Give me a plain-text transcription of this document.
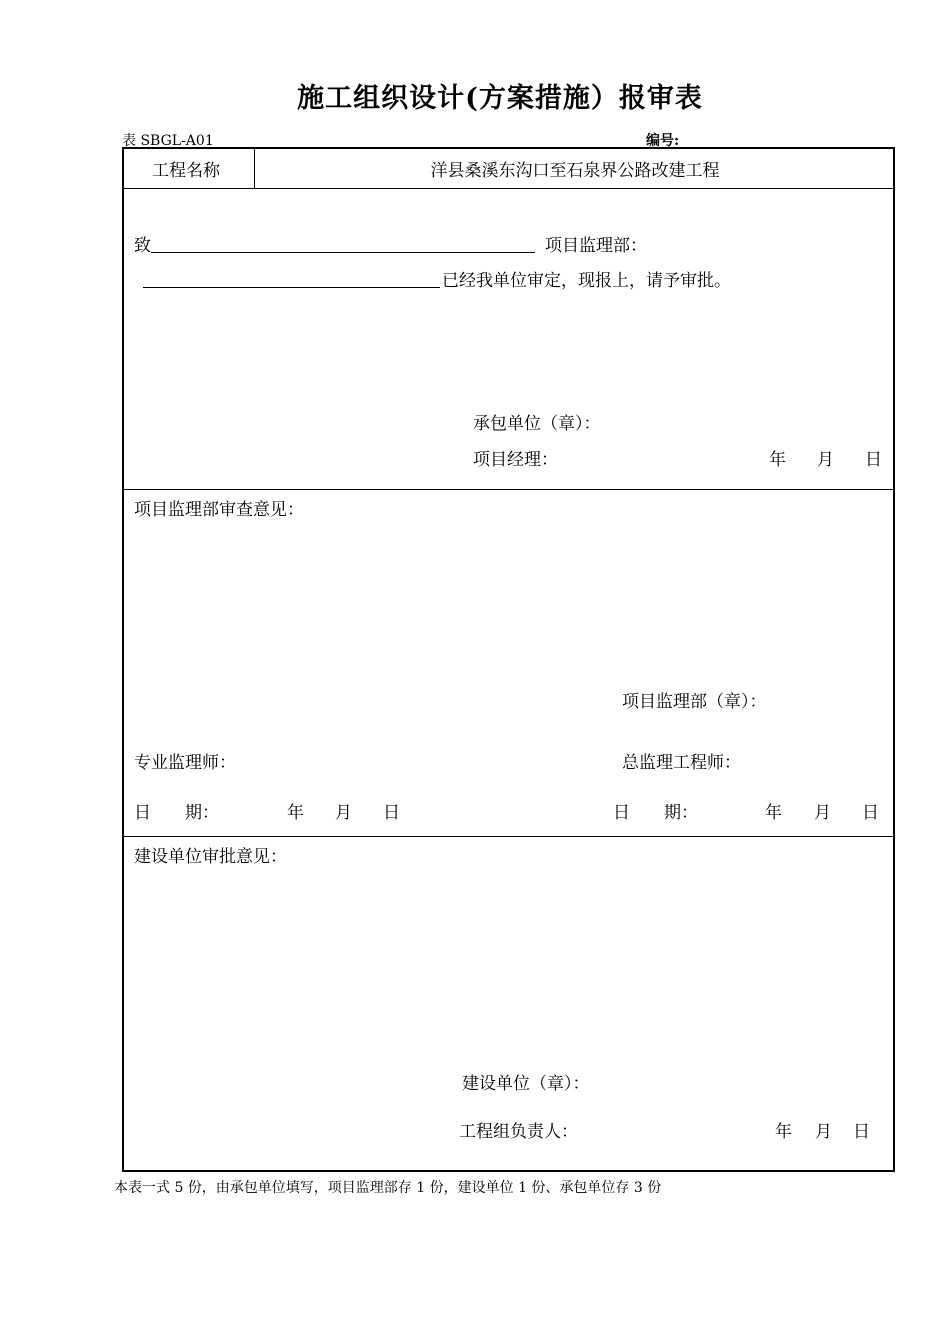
施工组织设计(方案措施）报审表
表 SBGL-A01	编号:
工程名称	洋县桑溪东沟口至石泉界公路改建工程
致	项目监理部：
已经我单位审定，现报上，请予审批。
承包单位（章）：
项目经理：	年 月 日
项目监理部审查意见：
项目监理部（章）：
专业监理师：	总监理工程师：
日　　期：	年 月 日	日　　期：	年 月 日
建设单位审批意见：
建设单位（章）：
工程组负责人：	年 月 日
本表一式 5 份，由承包单位填写，项目监理部存 1 份，建设单位 1 份、承包单位存 3 份
